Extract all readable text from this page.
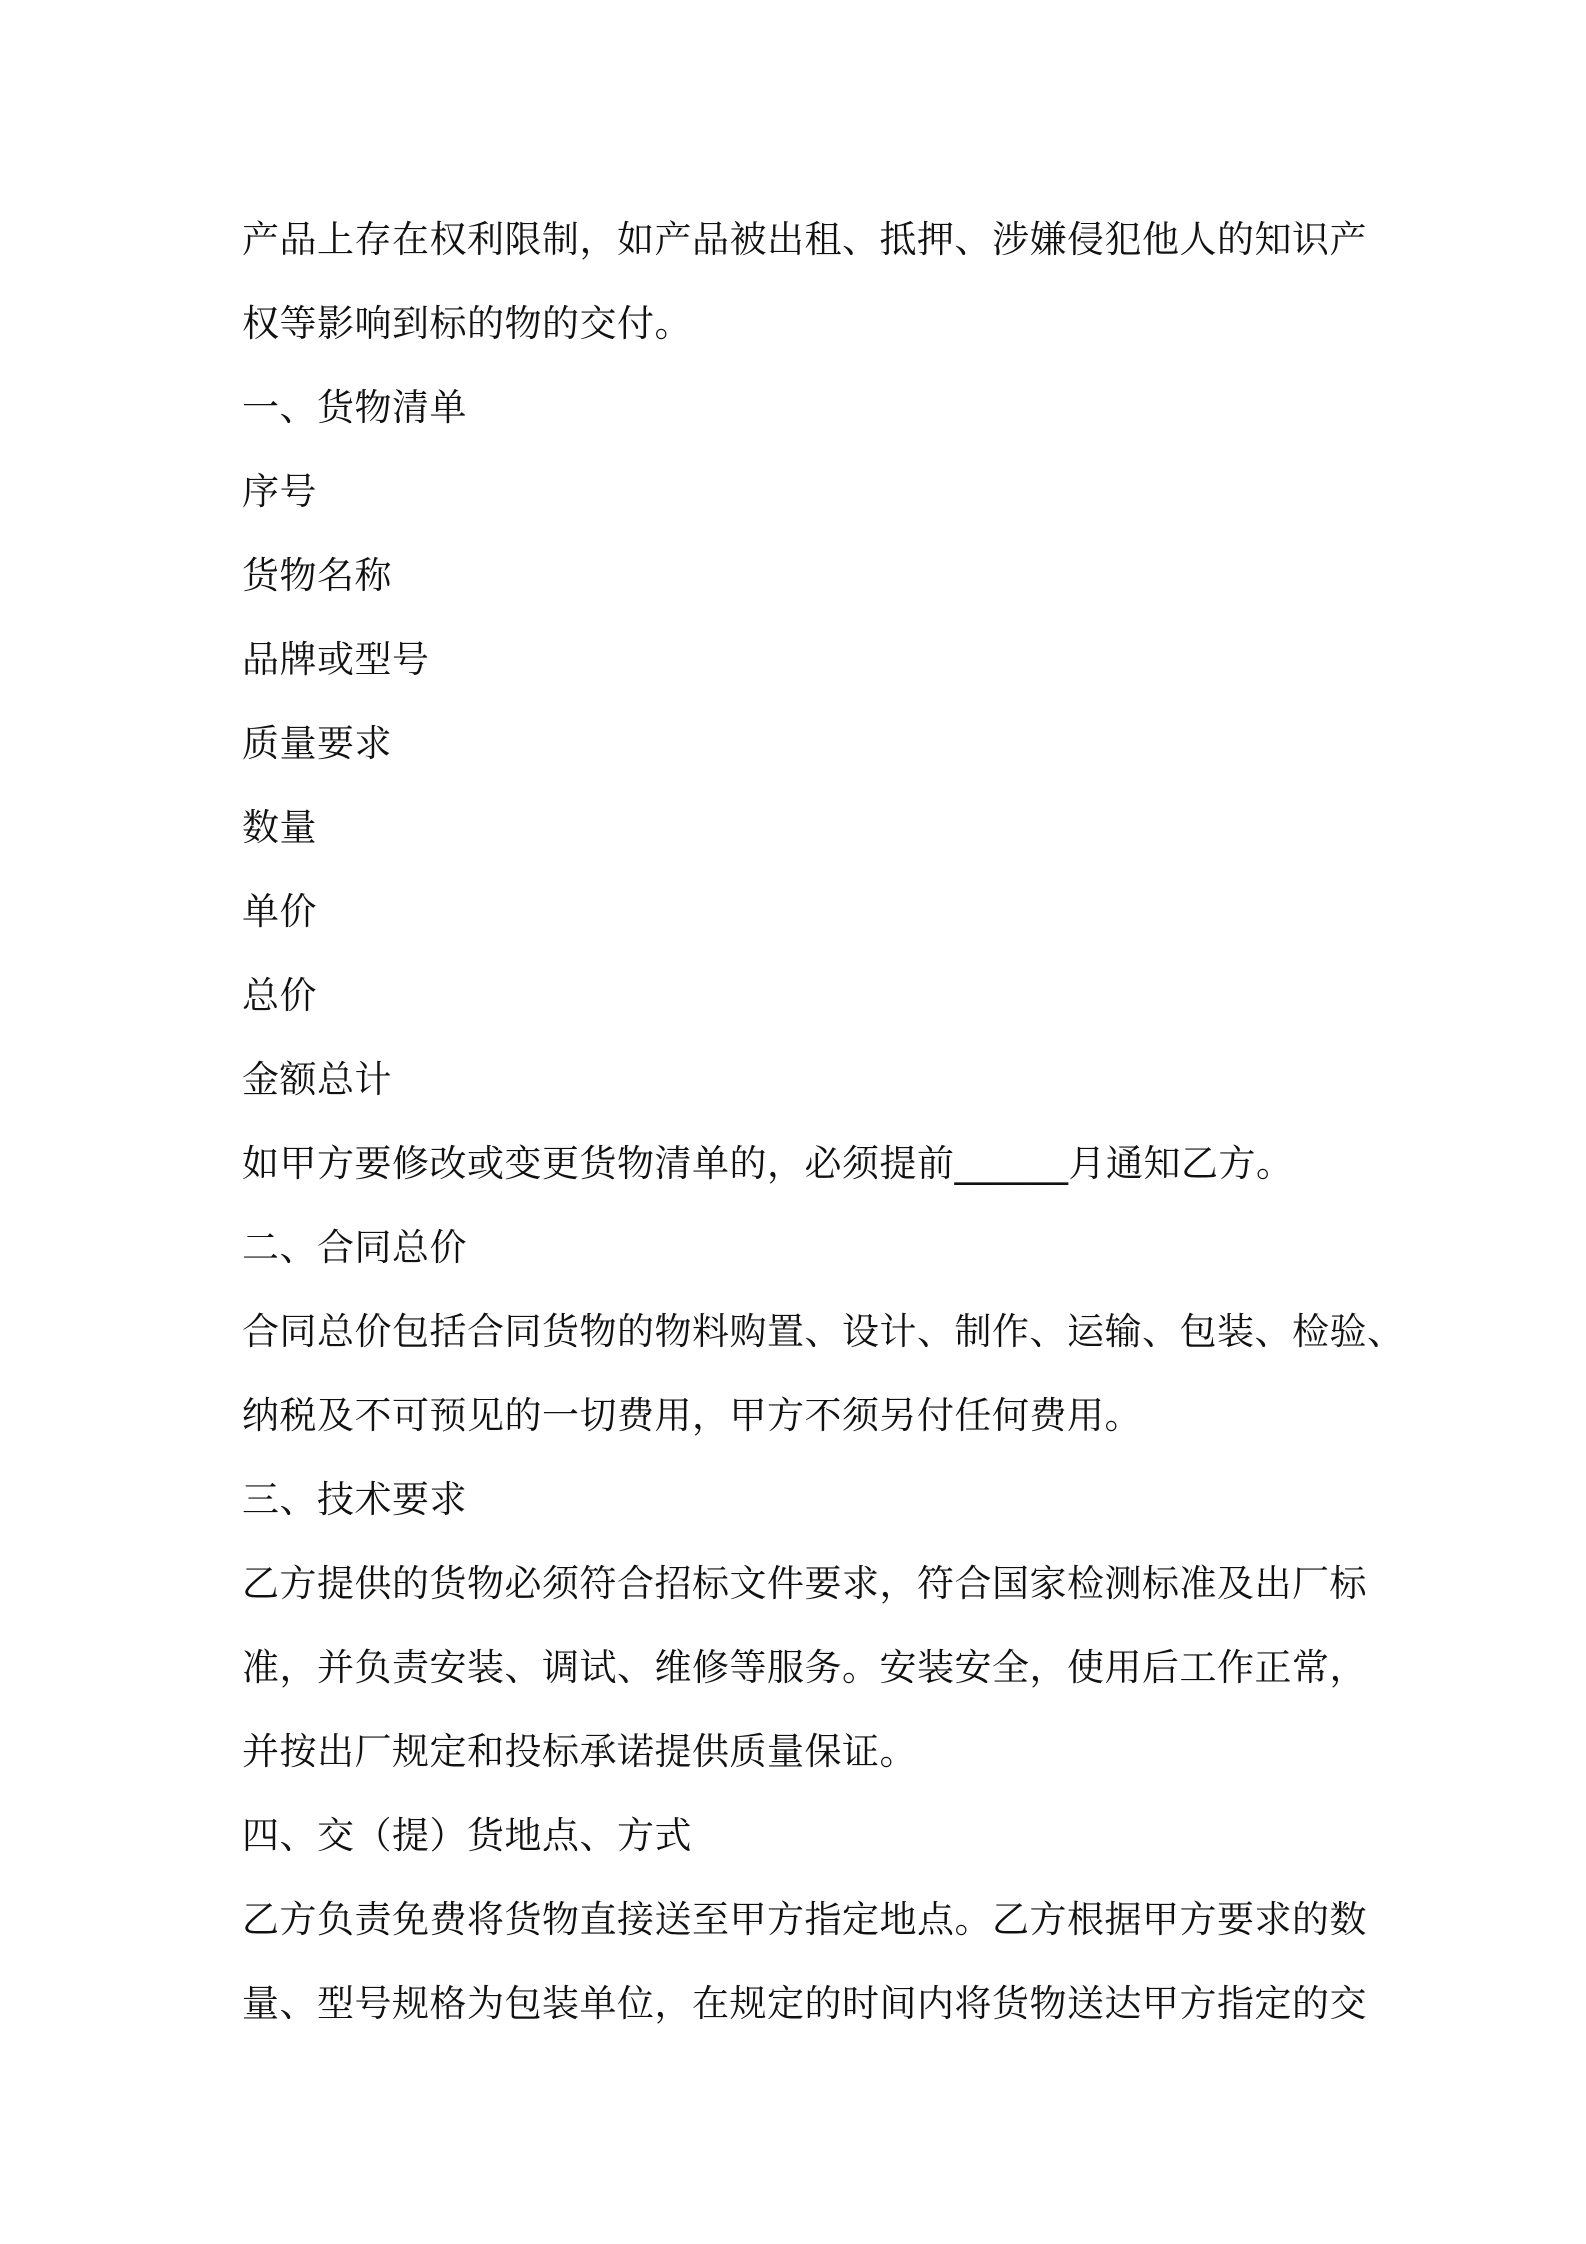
产品上存在权利限制，如产品被出租、抵押、涉嫌侵犯他人的知识产
权等影响到标的物的交付。
一、货物清单
序号
货物名称
品牌或型号
质量要求
数量
单价
总价
金额总计
如甲方要修改或变更货物清单的，必须提前______月通知乙方。
二、合同总价
合同总价包括合同货物的物料购置、设计、制作、运输、包装、检验、
纳税及不可预见的一切费用，甲方不须另付任何费用。
三、技术要求
乙方提供的货物必须符合招标文件要求，符合国家检测标准及出厂标
准，并负责安装、调试、维修等服务。安装安全，使用后工作正常，
并按出厂规定和投标承诺提供质量保证。
四、交（提）货地点、方式
乙方负责免费将货物直接送至甲方指定地点。乙方根据甲方要求的数
量、型号规格为包装单位，在规定的时间内将货物送达甲方指定的交
